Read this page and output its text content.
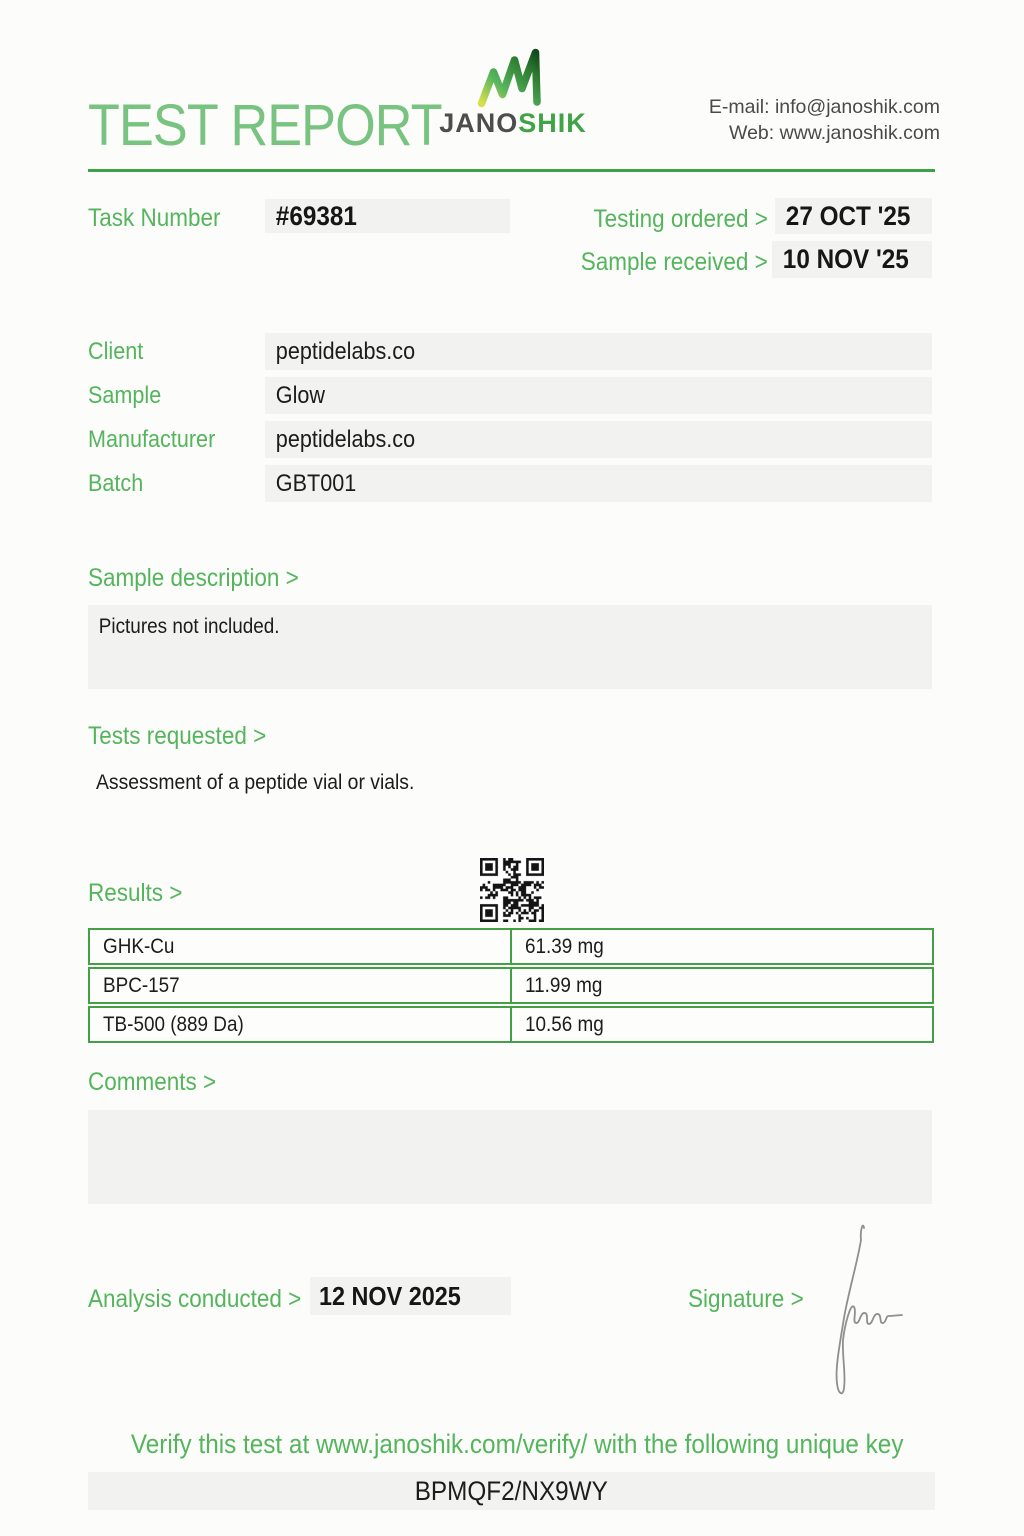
TEST REPORT
JANOSHIK
E-mail: info@janoshik.com
Web: www.janoshik.com
Task Number	#69381	Testing ordered > 27 OCT '25
Sample received > 10 NOV '25
Client	peptidelabs.co
Sample	Glow
Manufacturer	peptidelabs.co
Batch	GBT001
Sample description >
Pictures not included.
Tests requested >
Assessment of a peptide vial or vials.
Results >
GHK-Cu	61.39 mg
BPC-157	11.99 mg
TB-500 (889 Da)	10.56 mg
Comments >
Analysis conducted > 12 NOV 2025	Signature >
Verify this test at www.janoshik.com/verify/ with the following unique key
BPMQF2/NX9WY
